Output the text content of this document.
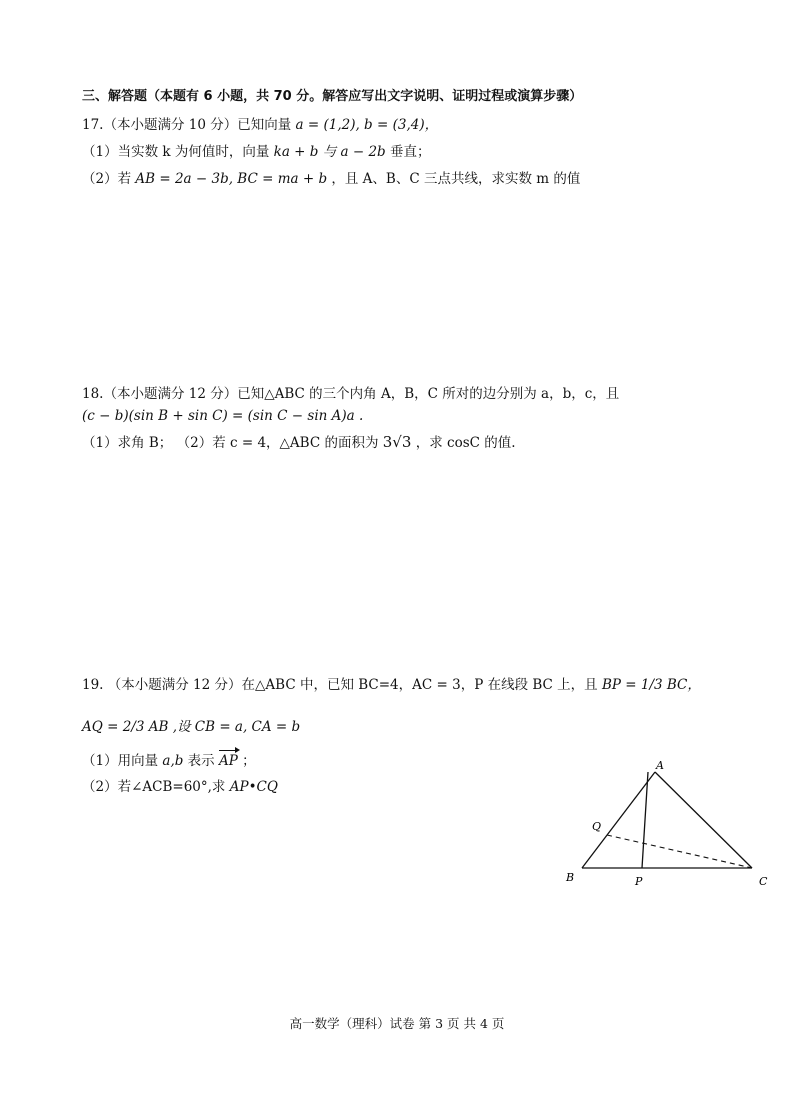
三、解答题（本题有 6 小题，共 70 分。解答应写出文字说明、证明过程或演算步骤）
17.（本小题满分 10 分）已知向量 a = (1,2), b = (3,4)，
（1）当实数 k 为何值时，向量 ka + b 与 a − 2b 垂直；
（2）若 AB = 2a − 3b, BC = ma + b ，且 A、B、C 三点共线，求实数 m 的值
18.（本小题满分 12 分）已知△ABC 的三个内角 A，B，C 所对的边分别为 a，b，c，且
(c − b)(sin B + sin C) = (sin C − sin A)a .
（1）求角 B； （2）若 c = 4，△ABC 的面积为 3√3 ，求 cosC 的值.
19. （本小题满分 12 分）在△ABC 中，已知 BC=4，AC = 3，P 在线段 BC 上，且 BP = 1/3 BC，
AQ = 2/3 AB ,设 CB = a, CA = b
（1）用向量 a,b 表示 AP ；
（2）若∠ACB=60°,求 AP•CQ
A
B	C
P
Q
高一数学（理科）试卷 第 3 页 共 4 页
